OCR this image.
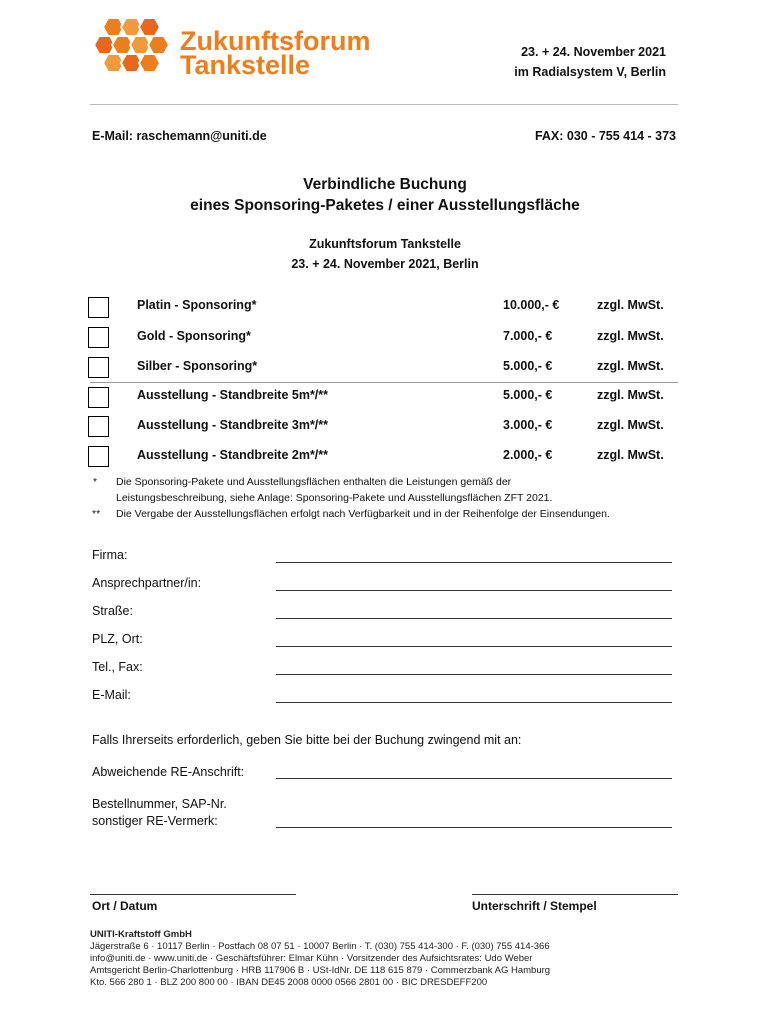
Zukunftsforum
Tankstelle	23. + 24. November 2021
im Radialsystem V, Berlin
E-Mail: raschemann@uniti.de	FAX: 030 - 755 414 - 373
Verbindliche Buchung
eines Sponsoring-Paketes / einer Ausstellungsfläche
Zukunftsforum Tankstelle
23. + 24. November 2021, Berlin
Platin - Sponsoring*	10.000,- €	zzgl. MwSt.
Gold - Sponsoring*	7.000,- €	zzgl. MwSt.
Silber - Sponsoring*	5.000,- €	zzgl. MwSt.
Ausstellung - Standbreite 5m*/**	5.000,- €	zzgl. MwSt.
Ausstellung - Standbreite 3m*/**	3.000,- €	zzgl. MwSt.
Ausstellung - Standbreite 2m*/**	2.000,- €	zzgl. MwSt.
* Die Sponsoring-Pakete und Ausstellungsflächen enthalten die Leistungen gemäß der
Leistungsbeschreibung, siehe Anlage: Sponsoring-Pakete und Ausstellungsflächen ZFT 2021.
** Die Vergabe der Ausstellungsflächen erfolgt nach Verfügbarkeit und in der Reihenfolge der Einsendungen.
Firma:
Ansprechpartner/in:
Straße:
PLZ, Ort:
Tel., Fax:
E-Mail:
Falls Ihrerseits erforderlich, geben Sie bitte bei der Buchung zwingend mit an:
Abweichende RE-Anschrift:
Bestellnummer, SAP-Nr.
sonstiger RE-Vermerk:
Ort / Datum	Unterschrift / Stempel
UNITI-Kraftstoff GmbH
Jägerstraße 6 · 10117 Berlin · Postfach 08 07 51 · 10007 Berlin · T. (030) 755 414-300 · F. (030) 755 414-366
info@uniti.de · www.uniti.de · Geschäftsführer: Elmar Kühn · Vorsitzender des Aufsichtsrates: Udo Weber
Amtsgericht Berlin-Charlottenburg · HRB 117906 B · USt-IdNr. DE 118 615 879 · Commerzbank AG Hamburg
Kto. 566 280 1 · BLZ 200 800 00 · IBAN DE45 2008 0000 0566 2801 00 · BIC DRESDEFF200
